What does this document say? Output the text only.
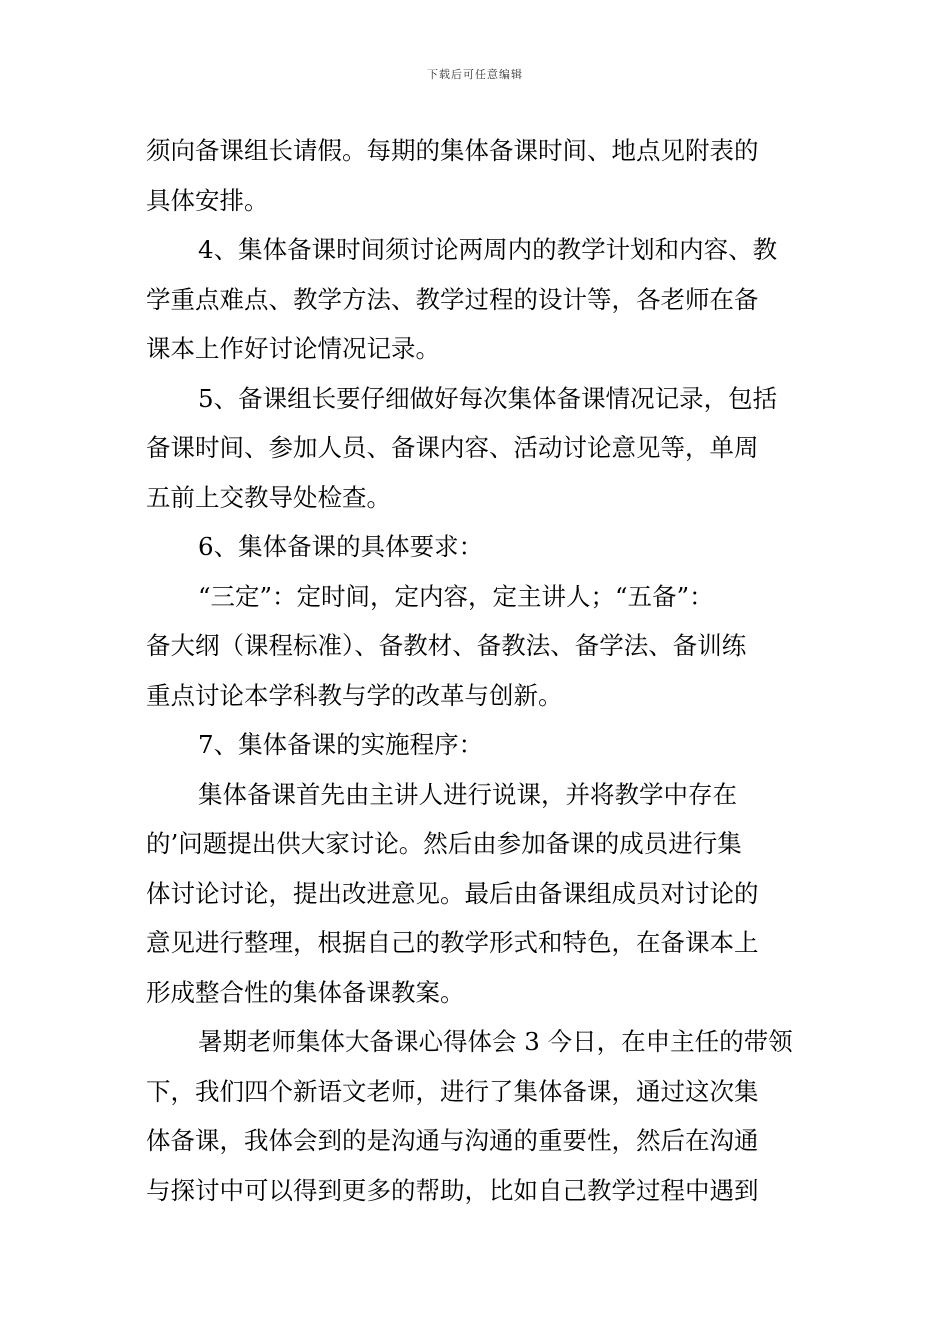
下载后可任意编辑
须向备课组长请假。每期的集体备课时间、地点见附表的
具体安排。
4、集体备课时间须讨论两周内的教学计划和内容、教
学重点难点、教学方法、教学过程的设计等，各老师在备
课本上作好讨论情况记录。
5、备课组长要仔细做好每次集体备课情况记录，包括
备课时间、参加人员、备课内容、活动讨论意见等，单周
五前上交教导处检查。
6、集体备课的具体要求：
“三定”：定时间，定内容，定主讲人；“五备”：
备大纲（课程标准）、备教材、备教法、备学法、备训练
重点讨论本学科教与学的改革与创新。
7、集体备课的实施程序：
集体备课首先由主讲人进行说课，并将教学中存在
的’问题提出供大家讨论。然后由参加备课的成员进行集
体讨论讨论，提出改进意见。最后由备课组成员对讨论的
意见进行整理，根据自己的教学形式和特色，在备课本上
形成整合性的集体备课教案。
暑期老师集体大备课心得体会 3 今日，在申主任的带领
下，我们四个新语文老师，进行了集体备课，通过这次集
体备课，我体会到的是沟通与沟通的重要性，然后在沟通
与探讨中可以得到更多的帮助，比如自己教学过程中遇到
